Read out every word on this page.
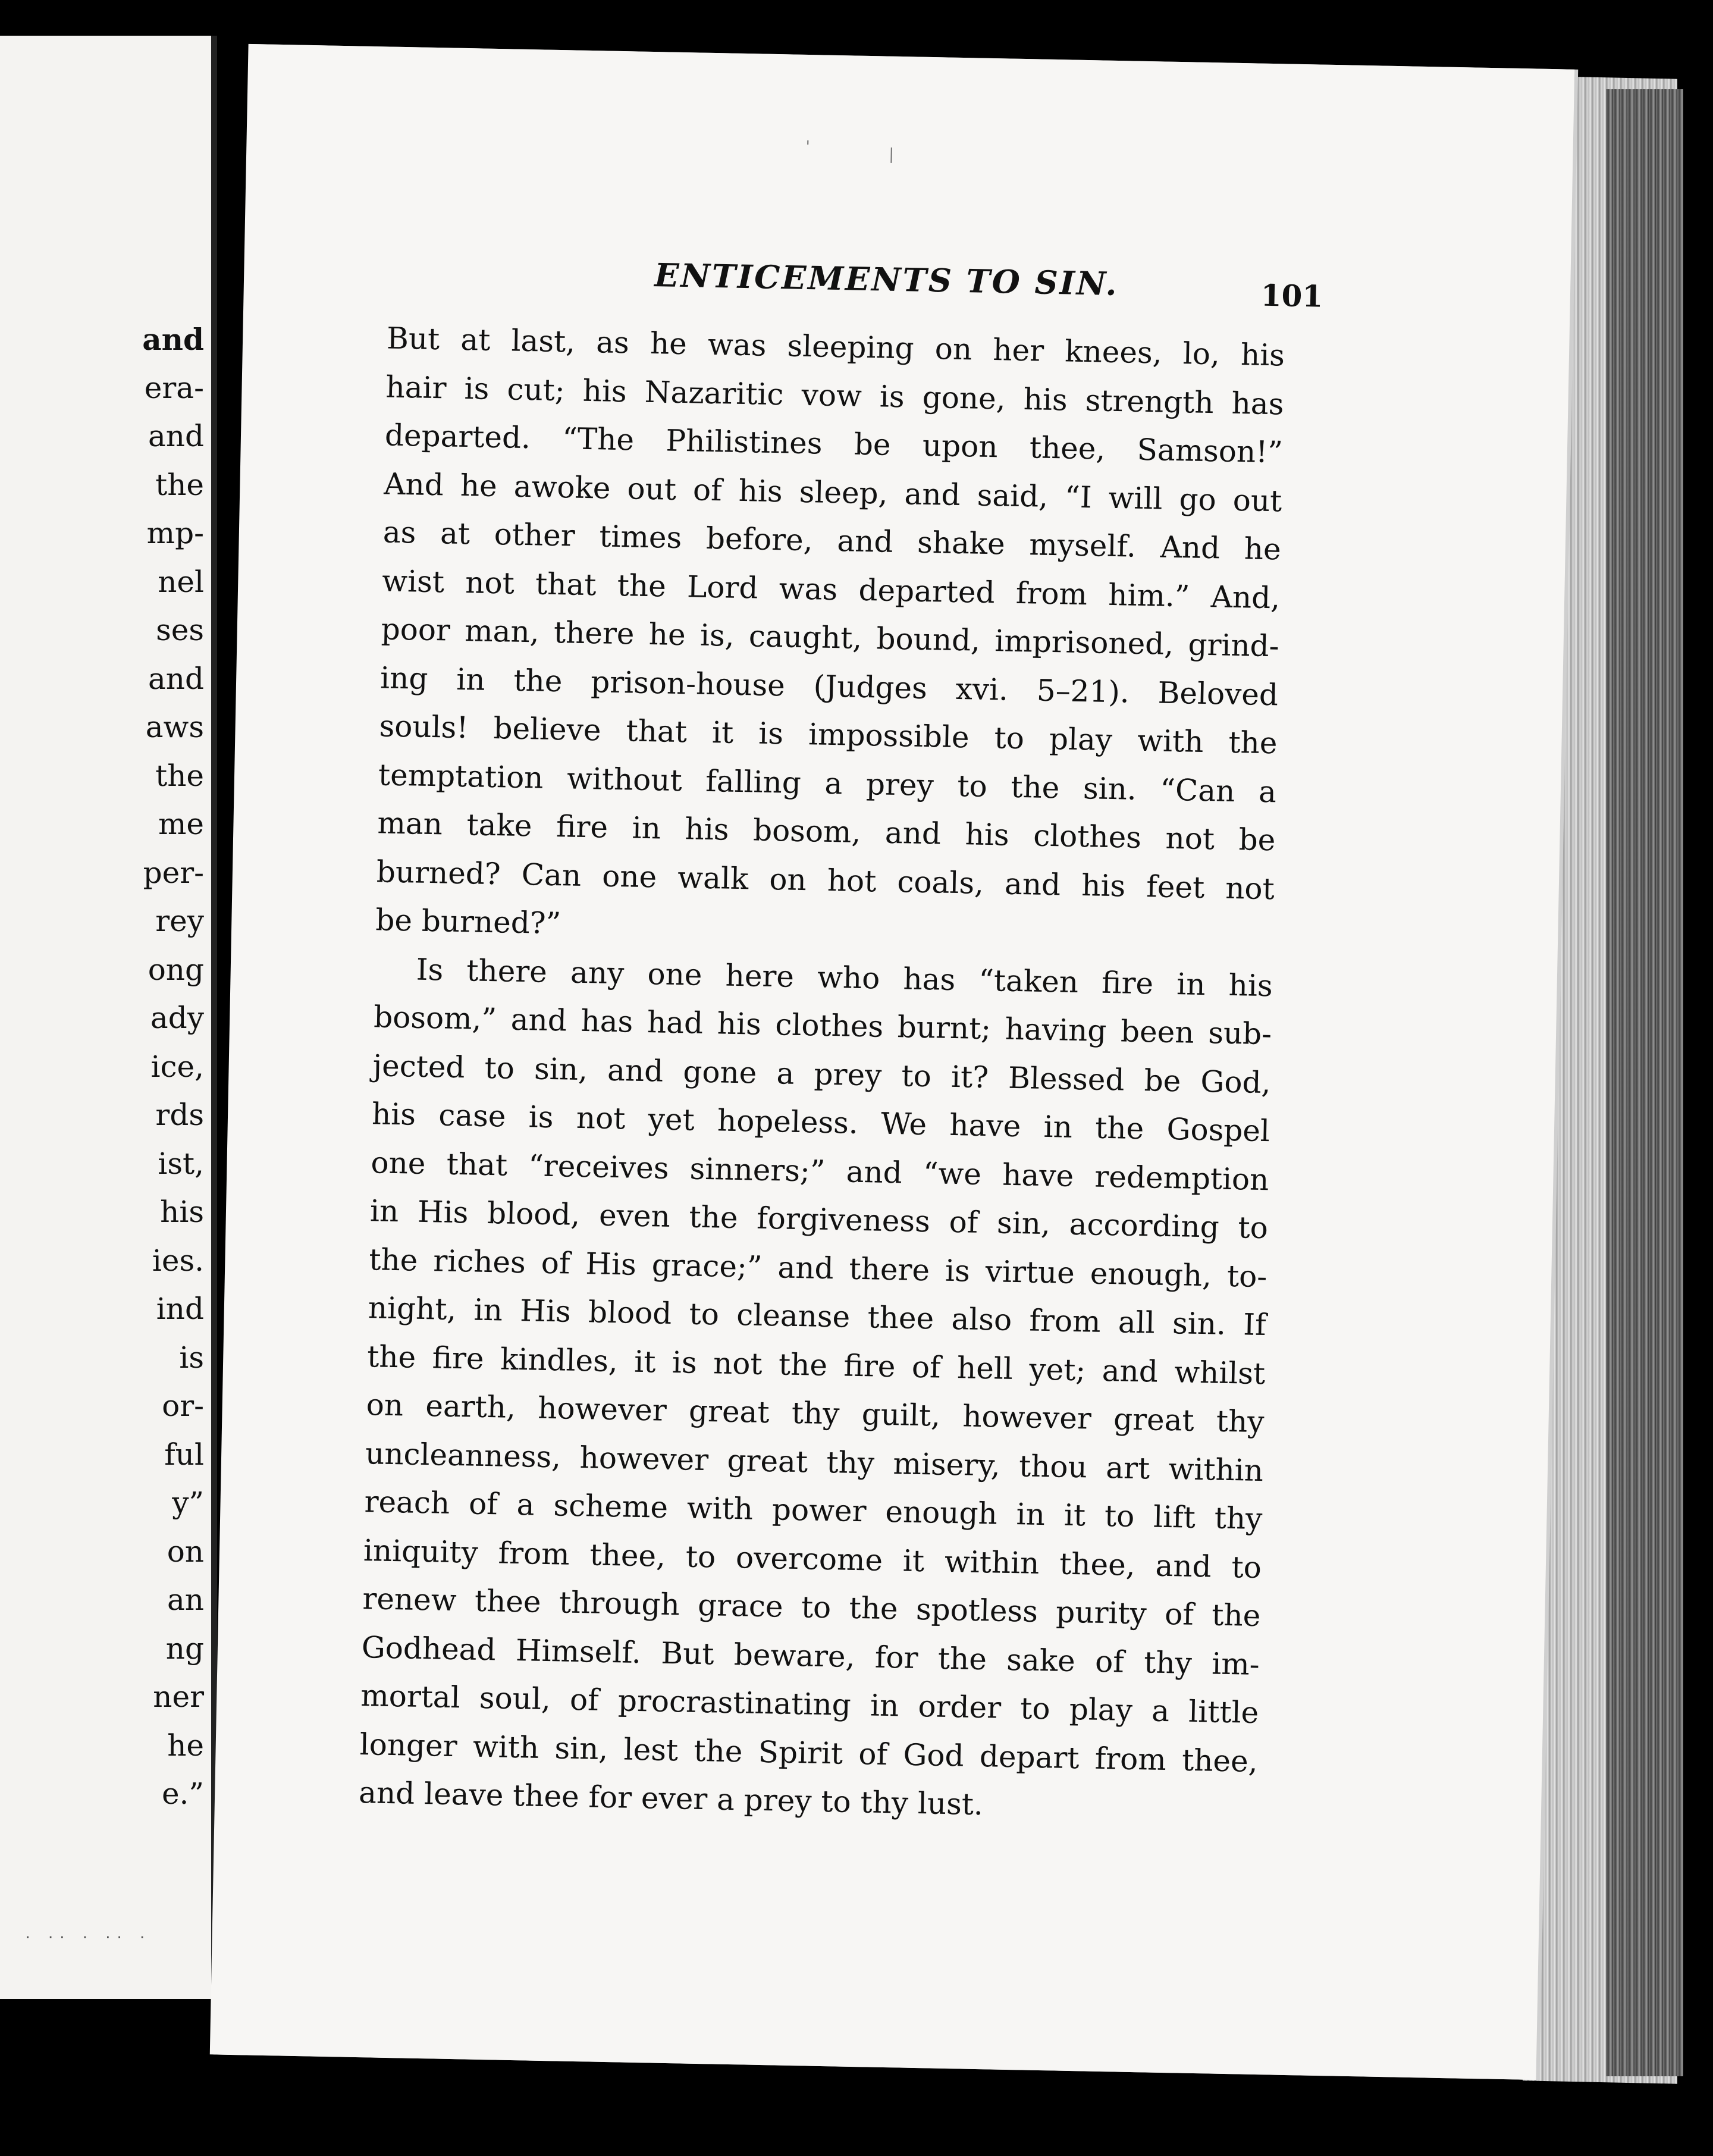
and
era-
and
the
mp-
nel
ses
and
aws
the
me
per-
rey
ong
ady
ice,
rds
ist,
his
ies.
ind
is
or-
ful
y”
on
an
ng
ner
he
e.”
· ·· · ·· ·
'	|
ENTICEMENTS TO SIN.	101
But at last, as he was sleeping on her knees, lo, his
hair is cut; his Nazaritic vow is gone, his strength has
departed. “The Philistines be upon thee, Samson!”
And he awoke out of his sleep, and said, “I will go out
as at other times before, and shake myself. And he
wist not that the Lord was departed from him.” And,
poor man, there he is, caught, bound, imprisoned, grind-
ing in the prison-house (Judges xvi. 5–21). Beloved
souls! believe that it is impossible to play with the
temptation without falling a prey to the sin. “Can a
man take fire in his bosom, and his clothes not be
burned? Can one walk on hot coals, and his feet not
be burned?”
Is there any one here who has “taken fire in his
bosom,” and has had his clothes burnt; having been sub-
jected to sin, and gone a prey to it? Blessed be God,
his case is not yet hopeless. We have in the Gospel
one that “receives sinners;” and “we have redemption
in His blood, even the forgiveness of sin, according to
the riches of His grace;” and there is virtue enough, to-
night, in His blood to cleanse thee also from all sin. If
the fire kindles, it is not the fire of hell yet; and whilst
on earth, however great thy guilt, however great thy
uncleanness, however great thy misery, thou art within
reach of a scheme with power enough in it to lift thy
iniquity from thee, to overcome it within thee, and to
renew thee through grace to the spotless purity of the
Godhead Himself. But beware, for the sake of thy im-
mortal soul, of procrastinating in order to play a little
longer with sin, lest the Spirit of God depart from thee,
and leave thee for ever a prey to thy lust.
